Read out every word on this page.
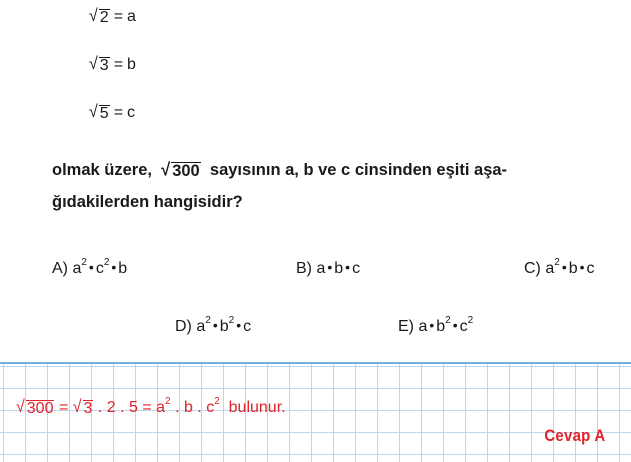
√ 2 = a
√ 3 = b
√ 5 = c
olmak üzere, √ 300 sayısının a, b ve c cinsinden eşiti aşa-
ğıdakilerden hangisidir?
A) $a^2$ • $c^2$ • b	B) a • b • c	C) $a^2$ • b • c
D) $a^2$ • $b^2$ • c	E) a • $b^2$ • $c^2$
√ 300 = √ 3 . 2 . $5 = a^2$ . b . $c^2$ bulunur.
Cevap A
